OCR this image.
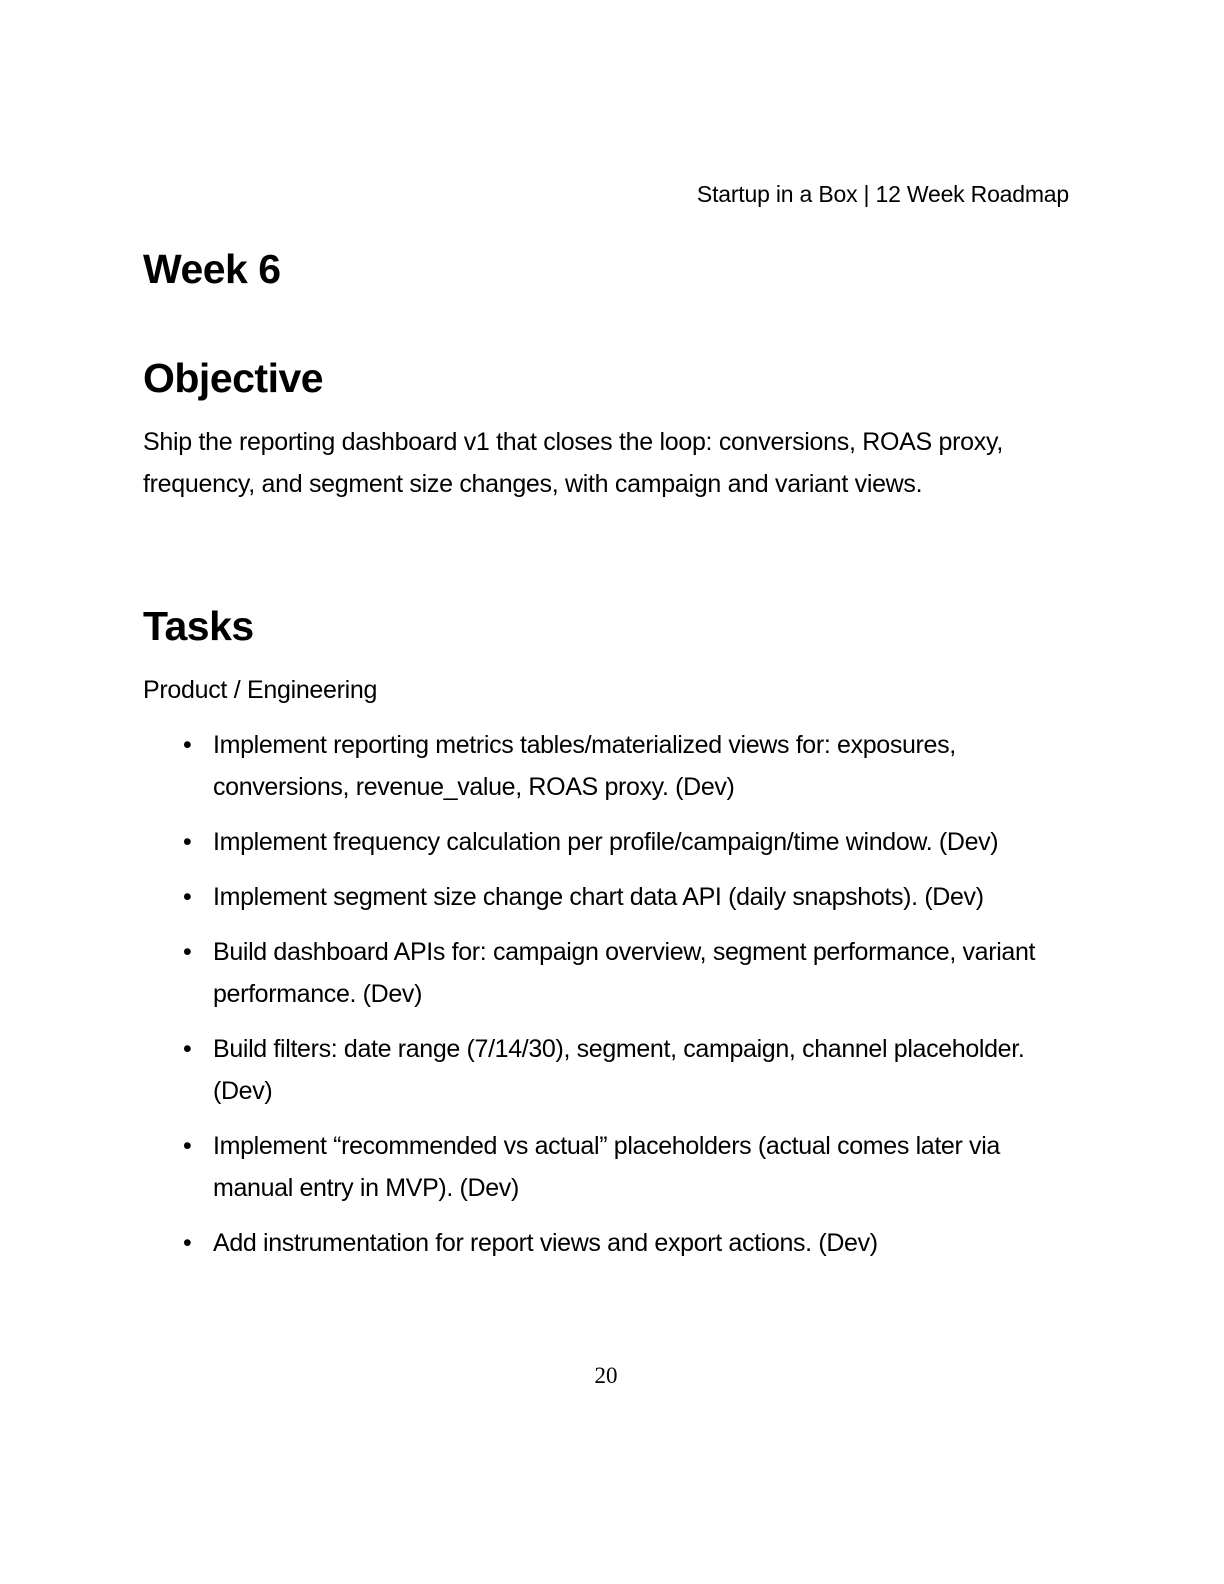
Startup in a Box | 12 Week Roadmap
Week 6
Objective
Ship the reporting dashboard v1 that closes the loop: conversions, ROAS proxy, frequency, and segment size changes, with campaign and variant views.
Tasks
Product / Engineering
• Implement reporting metrics tables/materialized views for: exposures, conversions, revenue_value, ROAS proxy. (Dev)
• Implement frequency calculation per profile/campaign/time window. (Dev)
• Implement segment size change chart data API (daily snapshots). (Dev)
• Build dashboard APIs for: campaign overview, segment performance, variant performance. (Dev)
• Build filters: date range (7/14/30), segment, campaign, channel placeholder. (Dev)
• Implement “recommended vs actual” placeholders (actual comes later via manual entry in MVP). (Dev)
• Add instrumentation for report views and export actions. (Dev)
20
